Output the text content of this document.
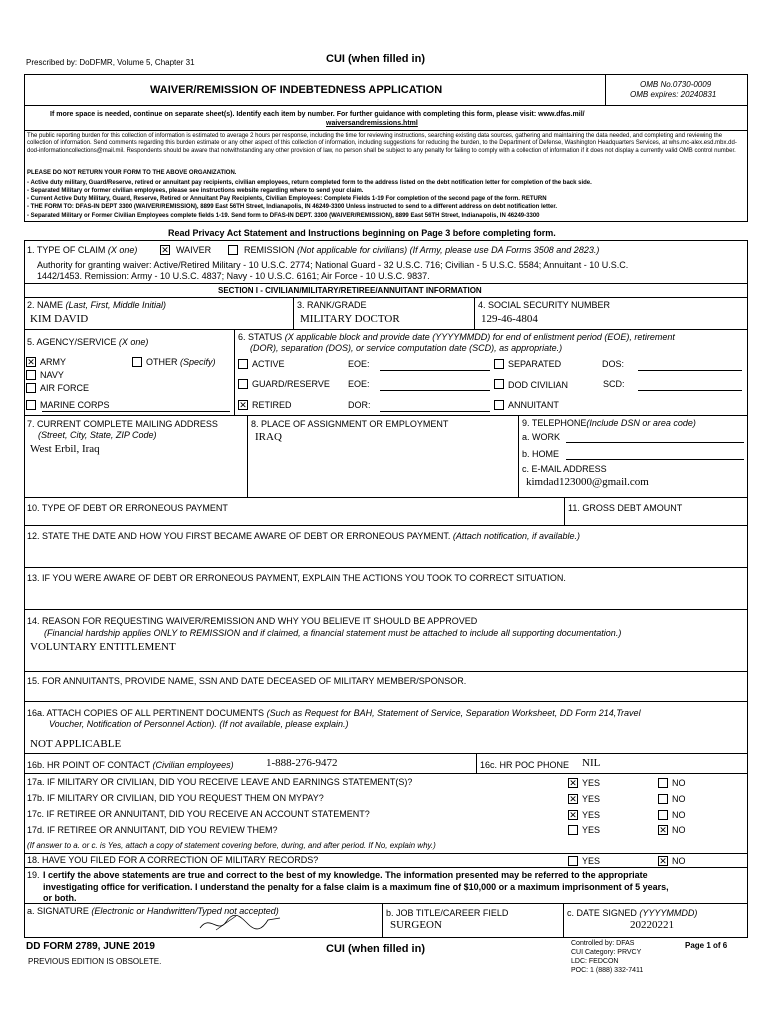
Prescribed by: DoDFMR, Volume 5, Chapter 31	CUI (when filled in)
WAIVER/REMISSION OF INDEBTEDNESS APPLICATION	OMB No.0730-0009
OMB expires: 20240831
If more space is needed, continue on separate sheet(s). Identify each item by number. For further guidance with completing this form, please visit: www.dfas.mil/
waiversandremissions.html
The public reporting burden for this collection of information is estimated to average 2 hours per response, including the time for reviewing instructions, searching existing data sources, gathering and maintaining the data needed, and completing and reviewing the collection of information. Send comments regarding this burden estimate or any other aspect of this collection of information, including suggestions for reducing the burden, to the Department of Defense, Washington Headquarters Services, at whs.mc-alex.esd.mbx.dd-dod-informationcollections@mail.mil. Respondents should be aware that notwithstanding any other provision of law, no person shall be subject to any penalty for failing to comply with a collection of information if it does not display a currently valid OMB control number.
PLEASE DO NOT RETURN YOUR FORM TO THE ABOVE ORGANIZATION.
- Active duty military, Guard/Reserve, retired or annuitant pay recipients, civilian employees, return completed form to the address listed on the debt notification letter for completion of the back side.
- Separated Military or former civilian employees, please see instructions website regarding where to send your claim.
- Current Active Duty Military, Guard, Reserve, Retired or Annuitant Pay Recipients, Civilian Employees: Complete Fields 1-19 For completion of the second page of the form. RETURN
- THE FORM TO: DFAS-IN DEPT 3300 (WAIVER/REMISSION), 8899 East 56TH Street, Indianapolis, IN 46249-3300 Unless instructed to send to a different address on debt notification letter.
- Separated Military or Former Civilian Employees complete fields 1-19. Send form to DFAS-IN DEPT. 3300 (WAIVER/REMISSION), 8899 East 56TH Street, Indianapolis, IN 46249-3300
Read Privacy Act Statement and Instructions beginning on Page 3 before completing form.
1. TYPE OF CLAIM (X one) ✕	WAIVER	REMISSION (Not applicable for civilians) (If Army, please use DA Forms 3508 and 2823.)
Authority for granting waiver: Active/Retired Military - 10 U.S.C. 2774; National Guard - 32 U.S.C. 716; Civilian - 5 U.S.C. 5584; Annuitant - 10 U.S.C.
1442/1453. Remission: Army - 10 U.S.C. 4837; Navy - 10 U.S.C. 6161; Air Force - 10 U.S.C. 9837.
SECTION I - CIVILIAN/MILITARY/RETIREE/ANNUITANT INFORMATION
2. NAME (Last, First, Middle Initial)
KIM DAVID
3. RANK/GRADE
MILITARY DOCTOR
4. SOCIAL SECURITY NUMBER
129-46-4804
5. AGENCY/SERVICE (X one)
✕
ARMY	OTHER (Specify)
NAVY
AIR FORCE
MARINE CORPS
6. STATUS (X applicable block and provide date (YYYYMMDD) for end of enlistment period (EOE), retirement
(DOR), separation (DOS), or service computation date (SCD), as appropriate.)
ACTIVE	EOE:	SEPARATED	DOS:
GUARD/RESERVE EOE:	DOD CIVILIAN	SCD:
✕
RETIRED	DOR:	ANNUITANT
7. CURRENT COMPLETE MAILING ADDRESS
(Street, City, State, ZIP Code)
West Erbil, Iraq
8. PLACE OF ASSIGNMENT OR EMPLOYMENT
IRAQ
9. TELEPHONE(Include DSN or area code)
a. WORK
b. HOME
c. E-MAIL ADDRESS
kimdad123000@gmail.com
10. TYPE OF DEBT OR ERRONEOUS PAYMENT	11. GROSS DEBT AMOUNT
12. STATE THE DATE AND HOW YOU FIRST BECAME AWARE OF DEBT OR ERRONEOUS PAYMENT. (Attach notification, if available.)
13. IF YOU WERE AWARE OF DEBT OR ERRONEOUS PAYMENT, EXPLAIN THE ACTIONS YOU TOOK TO CORRECT SITUATION.
14. REASON FOR REQUESTING WAIVER/REMISSION AND WHY YOU BELIEVE IT SHOULD BE APPROVED
(Financial hardship applies ONLY to REMISSION and if claimed, a financial statement must be attached to include all supporting documentation.)
VOLUNTARY ENTITLEMENT
15. FOR ANNUITANTS, PROVIDE NAME, SSN AND DATE DECEASED OF MILITARY MEMBER/SPONSOR.
16a. ATTACH COPIES OF ALL PERTINENT DOCUMENTS (Such as Request for BAH, Statement of Service, Separation Worksheet, DD Form 214,Travel
Voucher, Notification of Personnel Action). (If not available, please explain.)
NOT APPLICABLE
16b. HR POINT OF CONTACT (Civilian employees)	1-888-276-9472	16c. HR POC PHONE NIL
17a. IF MILITARY OR CIVILIAN, DID YOU RECEIVE LEAVE AND EARNINGS STATEMENT(S)? ✕	YES	NO
17b. IF MILITARY OR CIVILIAN, DID YOU REQUEST THEM ON MYPAY? ✕	YES	NO
17c. IF RETIREE OR ANNUITANT, DID YOU RECEIVE AN ACCOUNT STATEMENT? ✕	YES	NO
17d. IF RETIREE OR ANNUITANT, DID YOU REVIEW THEM?	YES ✕	NO
(If answer to a. or c. is Yes, attach a copy of statement covering before, during, and after period. If No, explain why.)
18. HAVE YOU FILED FOR A CORRECTION OF MILITARY RECORDS?	YES ✕	NO
19. I certify the above statements are true and correct to the best of my knowledge. The information presented may be referred to the appropriate
investigating office for verification. I understand the penalty for a false claim is a maximum fine of $10,000 or a maximum imprisonment of 5 years,
or both.
a. SIGNATURE (Electronic or Handwritten/Typed not accepted)	b. JOB TITLE/CAREER FIELD
SURGEON
c. DATE SIGNED (YYYYMMDD)
20220221
DD FORM 2789, JUNE 2019
PREVIOUS EDITION IS OBSOLETE.
CUI (when filled in)	Controlled by: DFAS
CUI Category: PRVCY
LDC: FEDCON
POC: 1 (888) 332-7411
Page 1 of 6
